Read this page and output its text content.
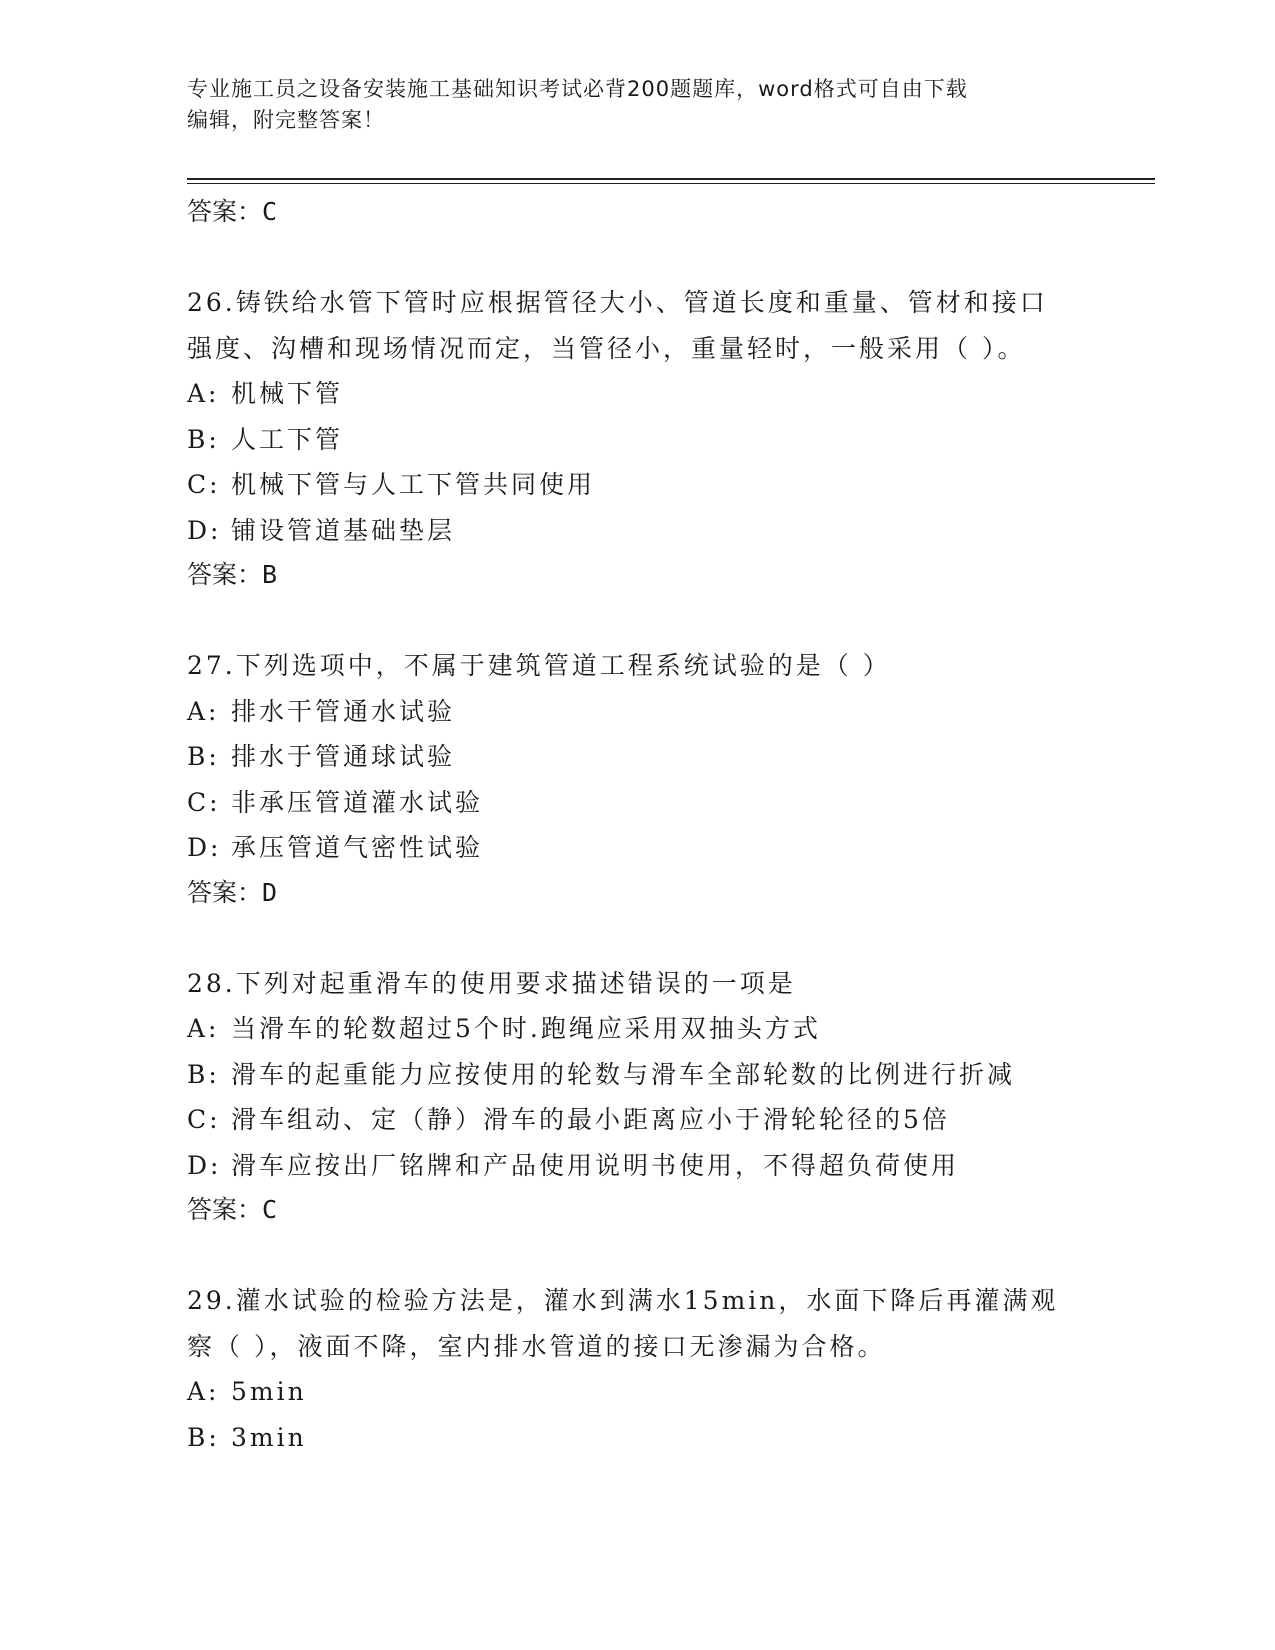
专业施工员之设备安装施工基础知识考试必背200题题库，word格式可自由下载
编辑，附完整答案！
答案：C
26.铸铁给水管下管时应根据管径大小、管道长度和重量、管材和接口
强度、沟槽和现场情况而定，当管径小，重量轻时，一般采用（ ）。
A: 机械下管
B: 人工下管
C: 机械下管与人工下管共同使用
D: 铺设管道基础垫层
答案：B
27.下列选项中，不属于建筑管道工程系统试验的是（ ）
A: 排水干管通水试验
B: 排水于管通球试验
C: 非承压管道灌水试验
D: 承压管道气密性试验
答案：D
28.下列对起重滑车的使用要求描述错误的一项是
A: 当滑车的轮数超过5个时.跑绳应采用双抽头方式
B: 滑车的起重能力应按使用的轮数与滑车全部轮数的比例进行折减
C: 滑车组动、定（静）滑车的最小距离应小于滑轮轮径的5倍
D: 滑车应按出厂铭牌和产品使用说明书使用，不得超负荷使用
答案：C
29.灌水试验的检验方法是，灌水到满水15min，水面下降后再灌满观
察（ ），液面不降，室内排水管道的接口无渗漏为合格。
A: 5min
B: 3min
